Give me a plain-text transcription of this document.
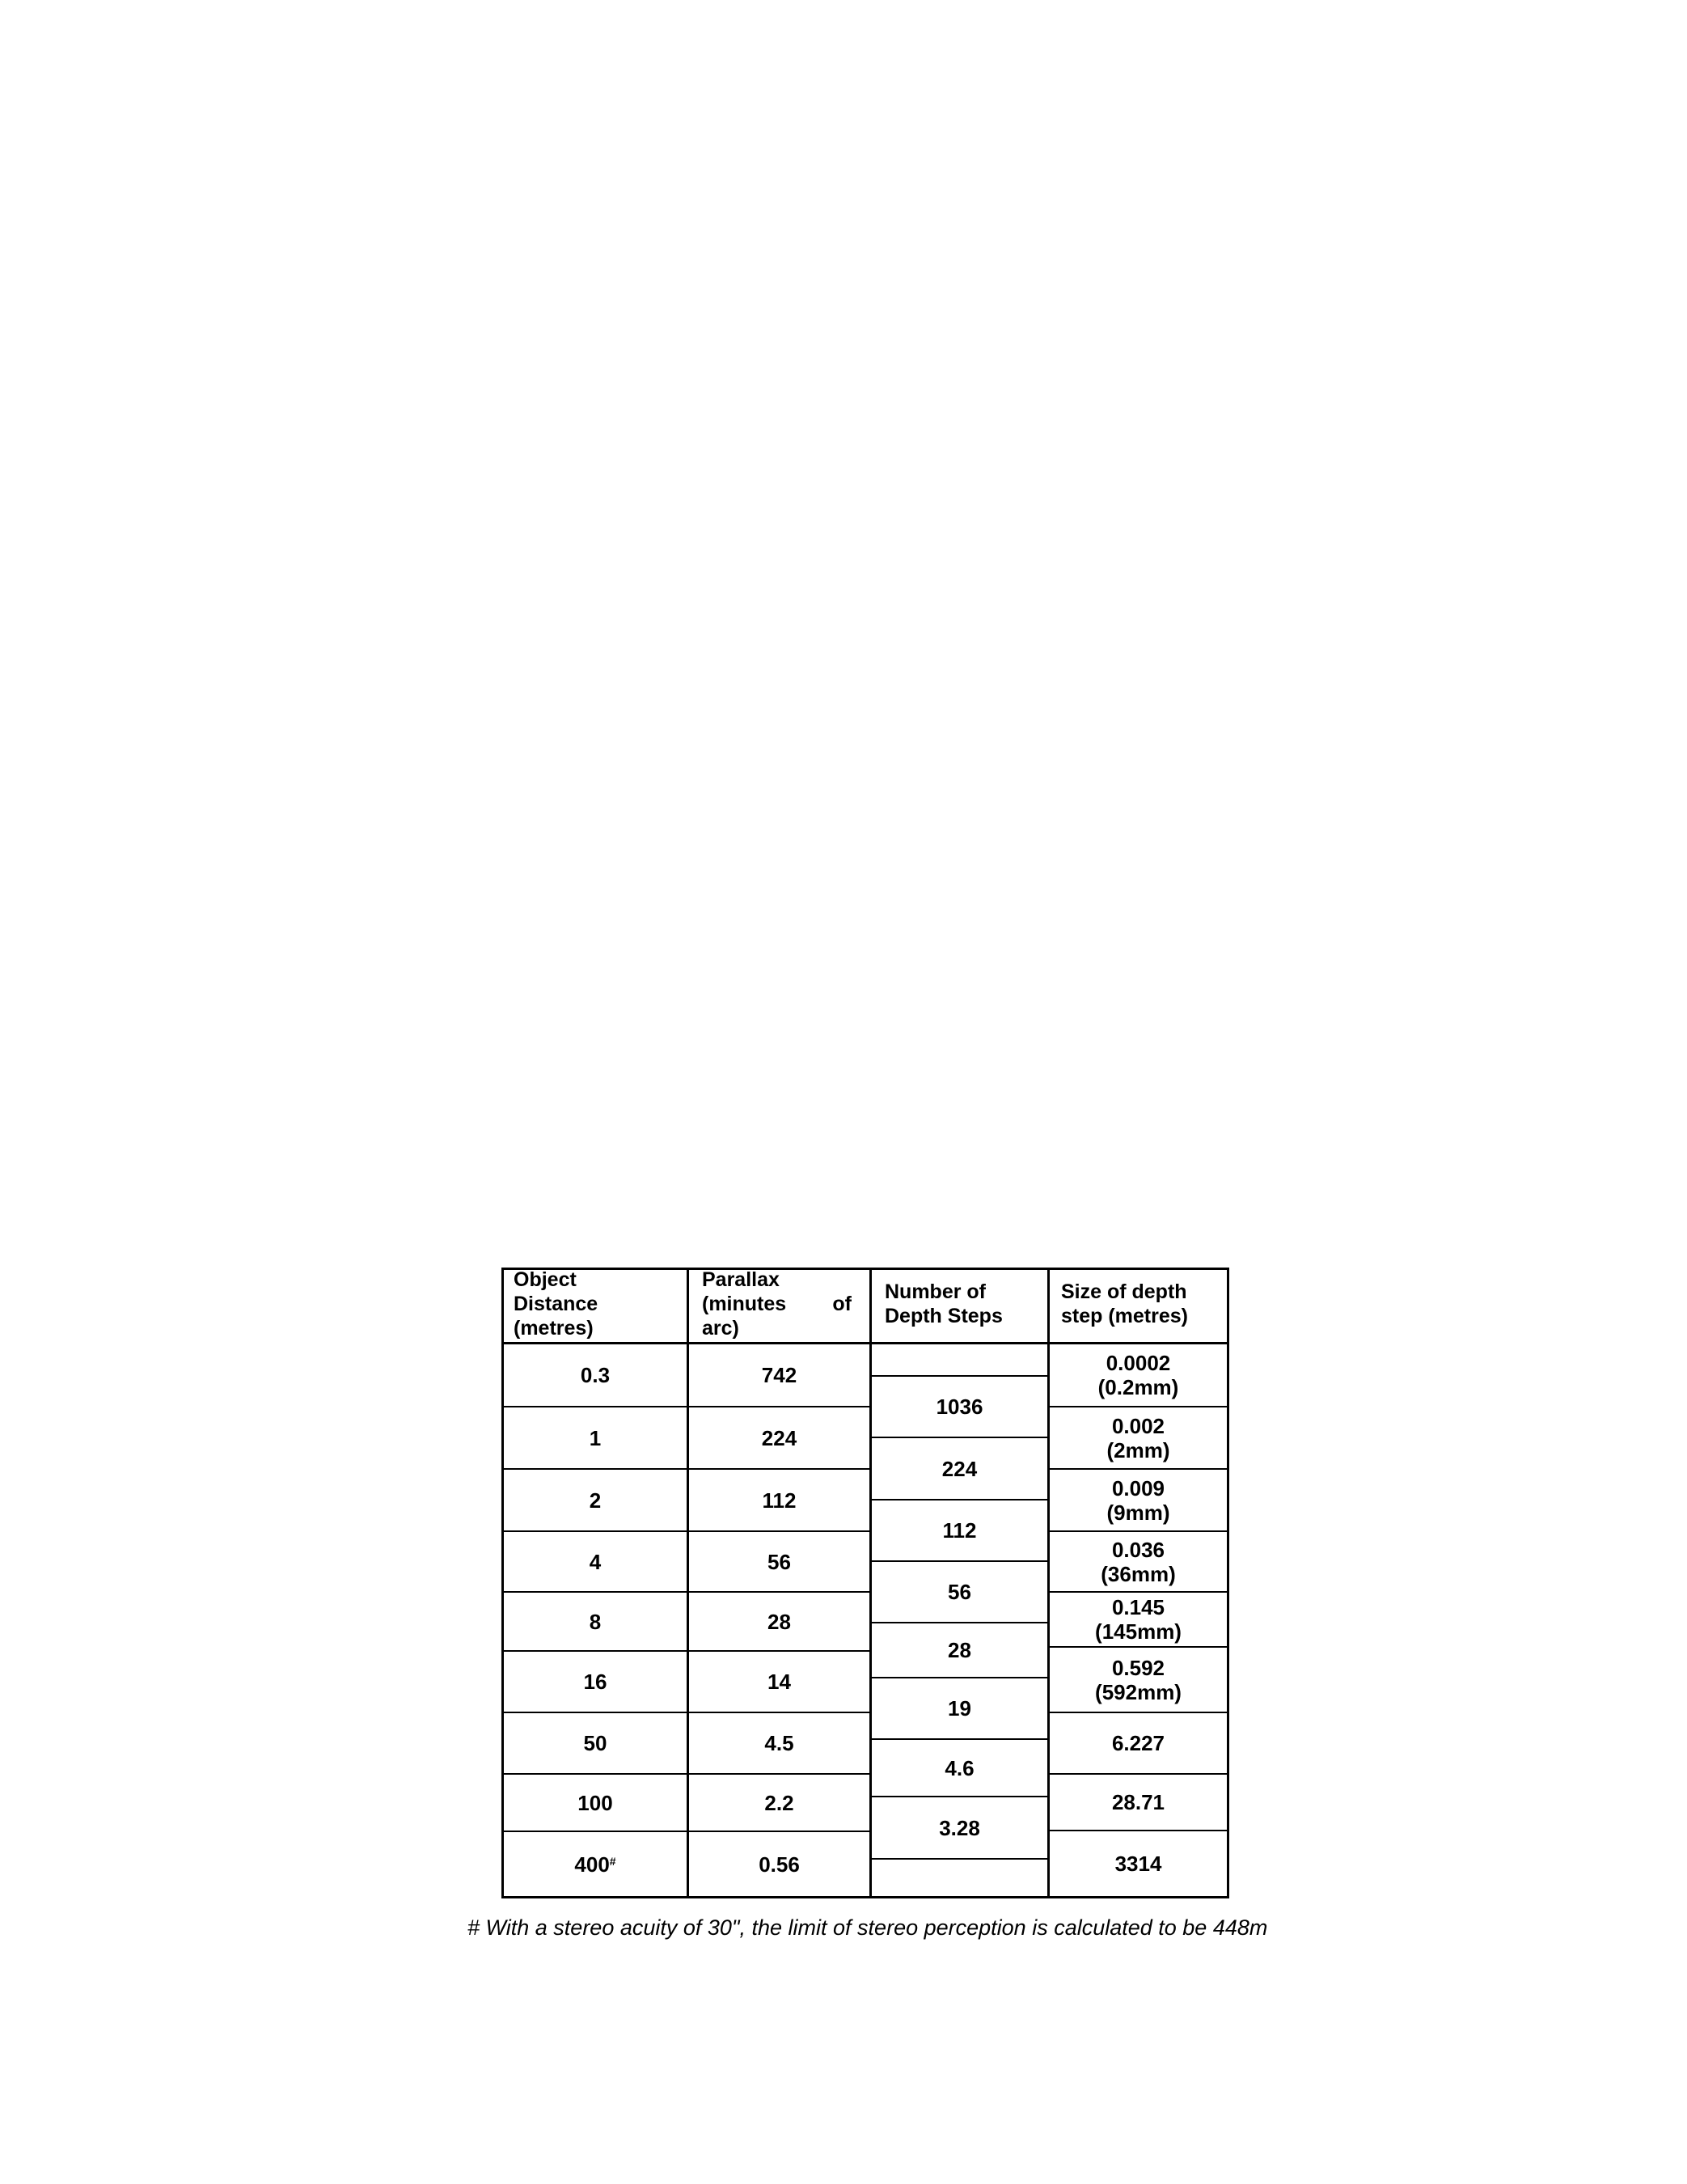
Object
Distance
(metres)
0.3
1
2
4
8
16
50
100
400#
Parallax
(minutes of
arc)
742
224
112
56
28
14
4.5
2.2
0.56
Number of
Depth Steps
1036
224
112
56
28
19
4.6
3.28
Size of depth
step (metres)
0.0002
(0.2mm)
0.002
(2mm)
0.009
(9mm)
0.036
(36mm)
0.145
(145mm)
0.592
(592mm)
6.227
28.71
3314
# With a stereo acuity of 30", the limit of stereo perception is calculated to be 448m
